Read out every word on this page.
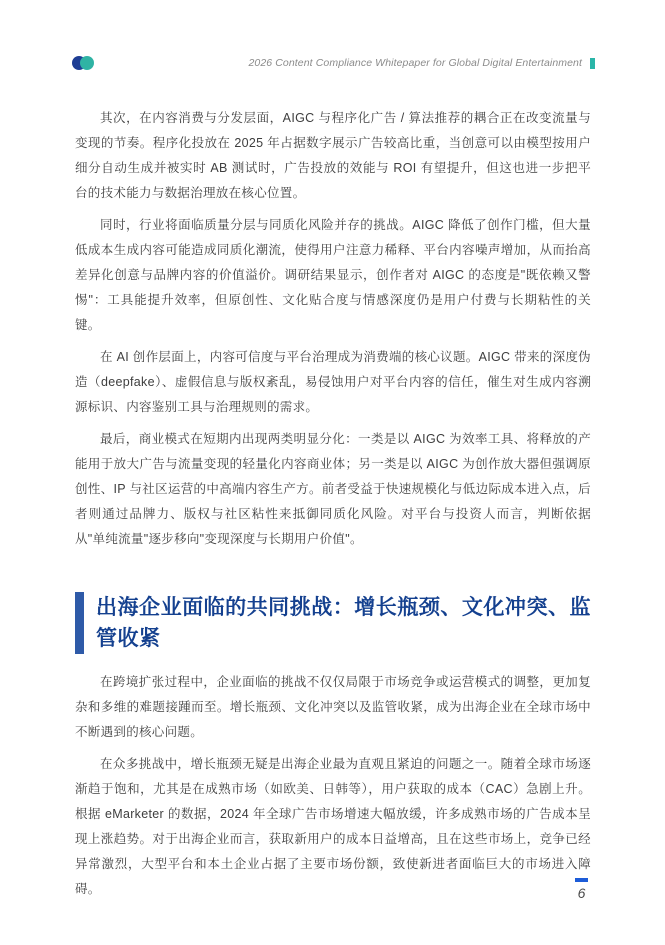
2026 Content Compliance Whitepaper for Global Digital Entertainment

其次，在内容消费与分发层面，AIGC 与程序化广告 / 算法推荐的耦合正在改变流量与变现的节奏。程序化投放在 2025 年占据数字展示广告较高比重，当创意可以由模型按用户细分自动生成并被实时 AB 测试时，广告投放的效能与 ROI 有望提升，但这也进一步把平台的技术能力与数据治理放在核心位置。

同时，行业将面临质量分层与同质化风险并存的挑战。AIGC 降低了创作门槛，但大量低成本生成内容可能造成同质化潮流，使得用户注意力稀释、平台内容噪声增加，从而抬高差异化创意与品牌内容的价值溢价。调研结果显示，创作者对 AIGC 的态度是"既依赖又警惕"：工具能提升效率，但原创性、文化贴合度与情感深度仍是用户付费与长期粘性的关键。

在 AI 创作层面上，内容可信度与平台治理成为消费端的核心议题。AIGC 带来的深度伪造（deepfake）、虚假信息与版权紊乱，易侵蚀用户对平台内容的信任，催生对生成内容溯源标识、内容鉴别工具与治理规则的需求。

最后，商业模式在短期内出现两类明显分化：一类是以 AIGC 为效率工具、将释放的产能用于放大广告与流量变现的轻量化内容商业体；另一类是以 AIGC 为创作放大器但强调原创性、IP 与社区运营的中高端内容生产方。前者受益于快速规模化与低边际成本进入点，后者则通过品牌力、版权与社区粘性来抵御同质化风险。对平台与投资人而言，判断依据从"单纯流量"逐步移向"变现深度与长期用户价值"。

出海企业面临的共同挑战：增长瓶颈、文化冲突、监管收紧

在跨境扩张过程中，企业面临的挑战不仅仅局限于市场竞争或运营模式的调整，更加复杂和多维的难题接踵而至。增长瓶颈、文化冲突以及监管收紧，成为出海企业在全球市场中不断遇到的核心问题。

在众多挑战中，增长瓶颈无疑是出海企业最为直观且紧迫的问题之一。随着全球市场逐渐趋于饱和，尤其是在成熟市场（如欧美、日韩等），用户获取的成本（CAC）急剧上升。根据 eMarketer 的数据，2024 年全球广告市场增速大幅放缓，许多成熟市场的广告成本呈现上涨趋势。对于出海企业而言，获取新用户的成本日益增高，且在这些市场上，竞争已经异常激烈，大型平台和本土企业占据了主要市场份额，致使新进者面临巨大的市场进入障碍。	6
